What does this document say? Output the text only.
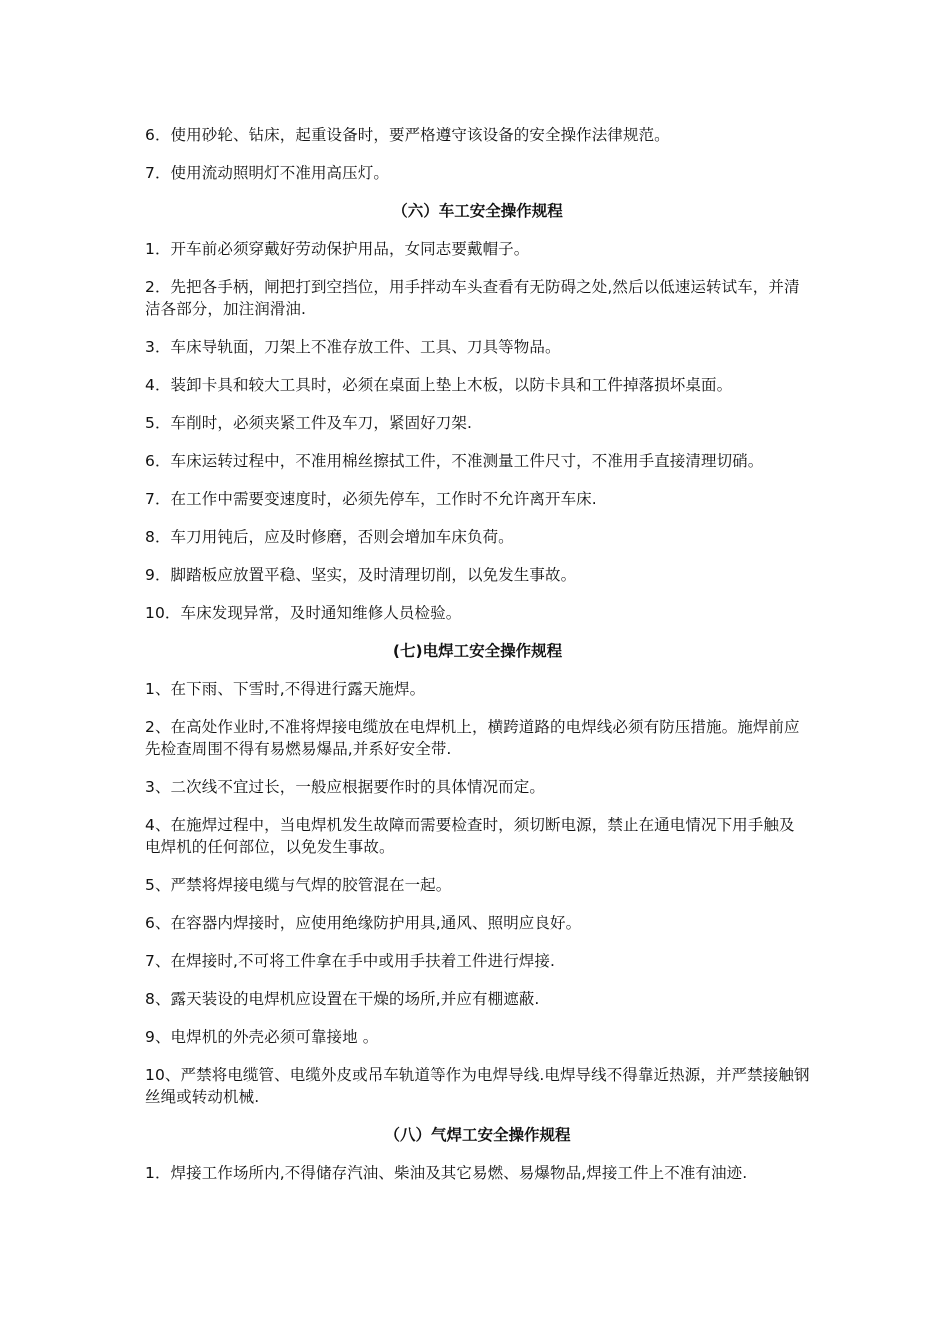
6．使用砂轮、钻床，起重设备时，要严格遵守该设备的安全操作法律规范。

7．使用流动照明灯不准用高压灯。

（六）车工安全操作规程

1．开车前必须穿戴好劳动保护用品，女同志要戴帽子。

2．先把各手柄，闸把打到空挡位，用手拌动车头查看有无防碍之处,然后以低速运转试车，并清洁各部分，加注润滑油.

3．车床导轨面，刀架上不准存放工件、工具、刀具等物品。

4．装卸卡具和较大工具时，必须在桌面上垫上木板，以防卡具和工件掉落损坏桌面。

5．车削时，必须夹紧工件及车刀，紧固好刀架.

6．车床运转过程中，不准用棉丝擦拭工件，不准测量工件尺寸，不准用手直接清理切硝。

7．在工作中需要变速度时，必须先停车，工作时不允许离开车床.

8．车刀用钝后，应及时修磨，否则会增加车床负荷。

9．脚踏板应放置平稳、坚实，及时清理切削，以免发生事故。

10．车床发现异常，及时通知维修人员检验。

(七)电焊工安全操作规程

1、在下雨、下雪时,不得进行露天施焊。

2、在高处作业时,不准将焊接电缆放在电焊机上，横跨道路的电焊线必须有防压措施。施焊前应先检查周围不得有易燃易爆品,并系好安全带.

3、二次线不宜过长，一般应根据要作时的具体情况而定。

4、在施焊过程中，当电焊机发生故障而需要检查时，须切断电源，禁止在通电情况下用手触及电焊机的任何部位，以免发生事故。

5、严禁将焊接电缆与气焊的胶管混在一起。

6、在容器内焊接时，应使用绝缘防护用具,通风、照明应良好。

7、在焊接时,不可将工件拿在手中或用手扶着工件进行焊接.

8、露天装设的电焊机应设置在干燥的场所,并应有棚遮蔽.

9、电焊机的外壳必须可靠接地 。

10、严禁将电缆管、电缆外皮或吊车轨道等作为电焊导线.电焊导线不得靠近热源，并严禁接触钢丝绳或转动机械.

（八）气焊工安全操作规程

1．焊接工作场所内,不得储存汽油、柴油及其它易燃、易爆物品,焊接工件上不准有油迹.
